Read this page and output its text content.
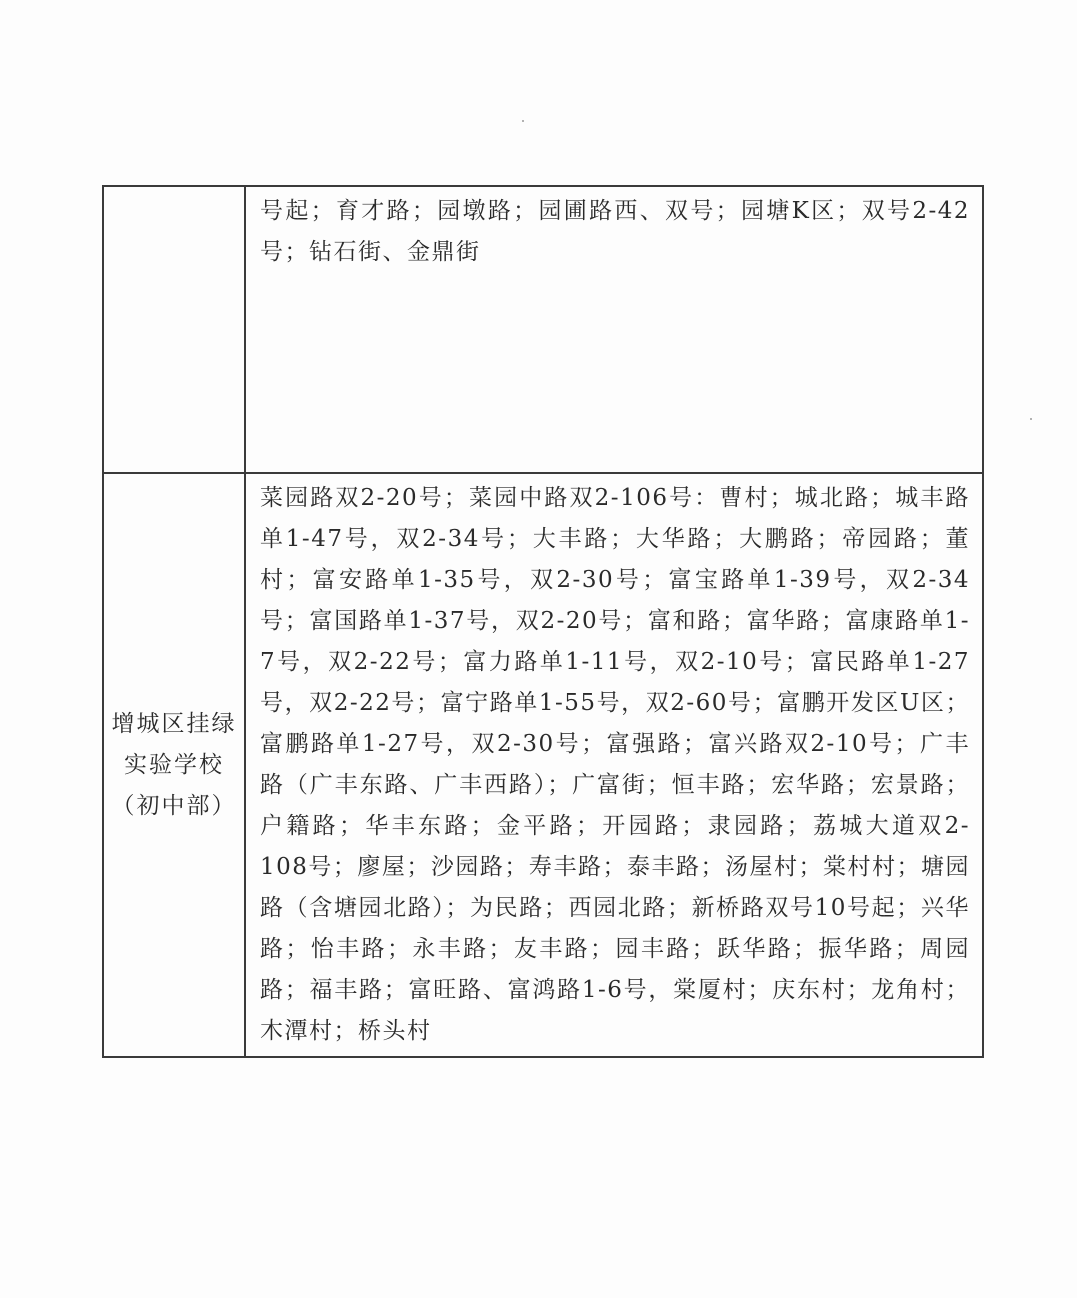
	号起；育才路；园墩路；园圃路西、双号；园塘K区；双号2-42号；钻石街、金鼎街

增城区挂绿实验学校（初中部）	菜园路双2-20号；菜园中路双2-106号：曹村；城北路；城丰路单1-47号，双2-34号；大丰路；大华路；大鹏路；帝园路；董村；富安路单1-35号，双2-30号；富宝路单1-39号，双2-34号；富国路单1-37号，双2-20号；富和路；富华路；富康路单1-7号，双2-22号；富力路单1-11号，双2-10号；富民路单1-27号，双2-22号；富宁路单1-55号，双2-60号；富鹏开发区U区；富鹏路单1-27号，双2-30号；富强路；富兴路双2-10号；广丰路（广丰东路、广丰西路）；广富街；恒丰路；宏华路；宏景路；户籍路；华丰东路；金平路；开园路；隶园路；荔城大道双2-108号；廖屋；沙园路；寿丰路；泰丰路；汤屋村；棠村村；塘园路（含塘园北路）；为民路；西园北路；新桥路双号10号起；兴华路；怡丰路；永丰路；友丰路；园丰路；跃华路；振华路；周园路；福丰路；富旺路、富鸿路1-6号，棠厦村；庆东村；龙角村；木潭村；桥头村
